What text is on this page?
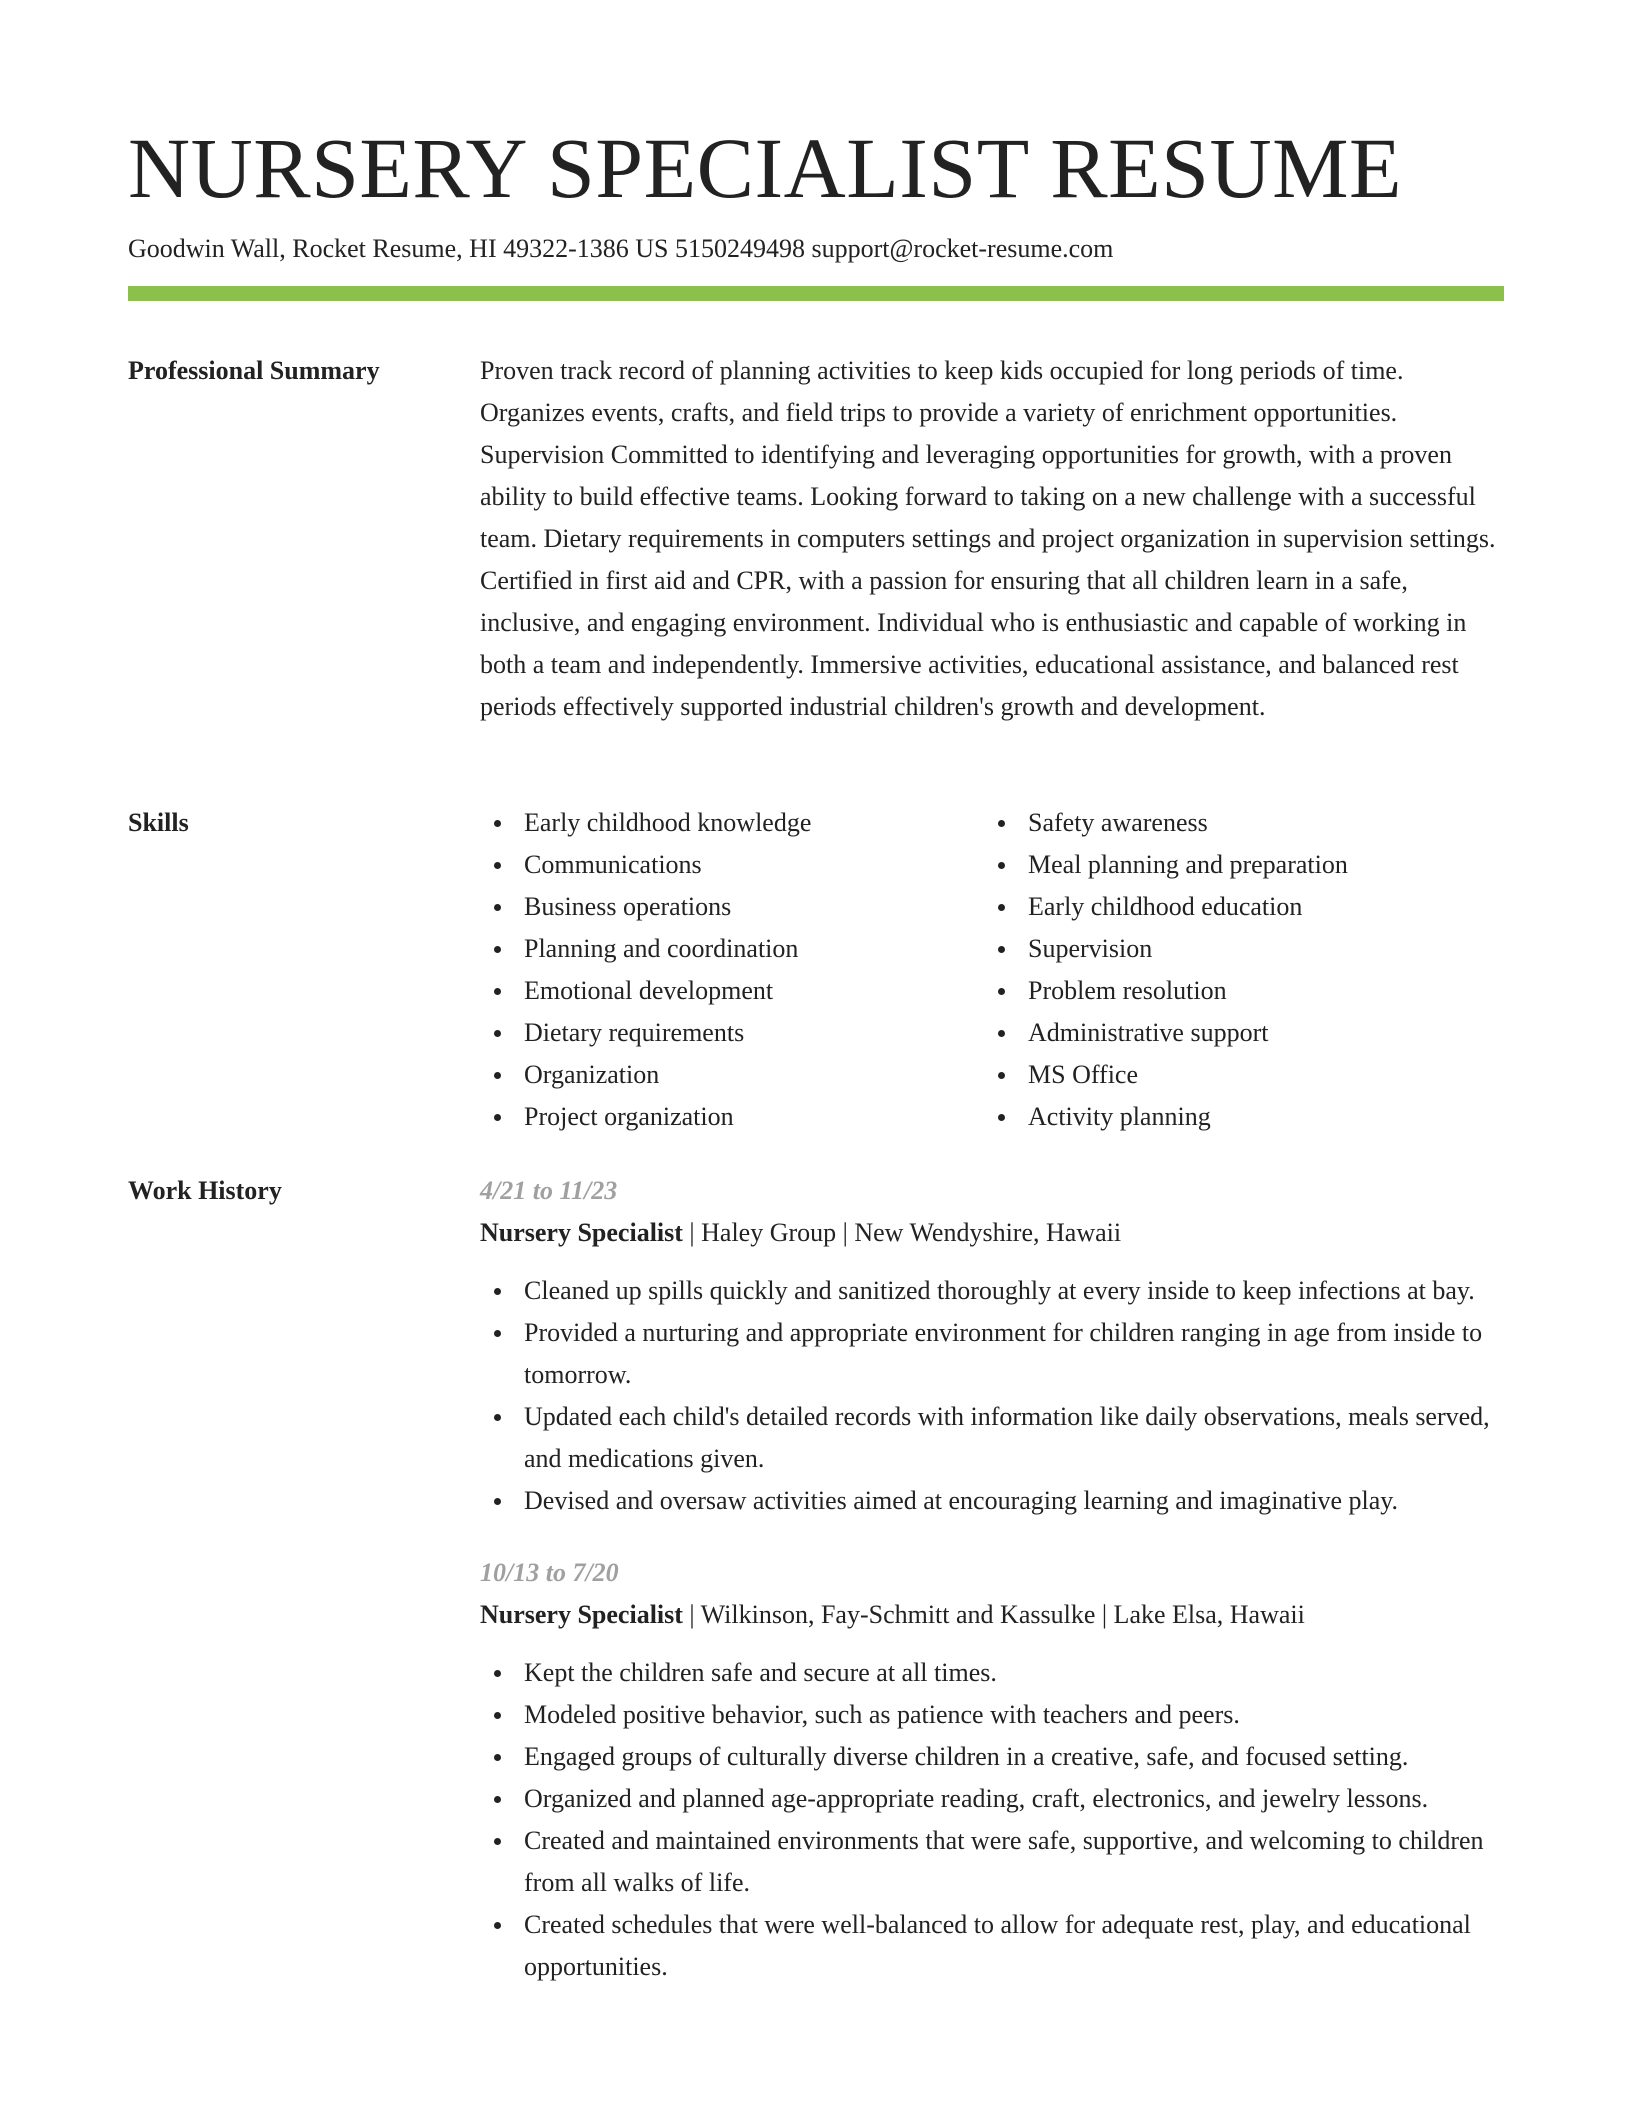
NURSERY SPECIALIST RESUME
Goodwin Wall, Rocket Resume, HI 49322-1386 US 5150249498 support@rocket-resume.com
Professional Summary	Proven track record of planning activities to keep kids occupied for long periods of time. Organizes events, crafts, and field trips to provide a variety of enrichment opportunities. Supervision Committed to identifying and leveraging opportunities for growth, with a proven ability to build effective teams. Looking forward to taking on a new challenge with a successful team. Dietary requirements in computers settings and project organization in supervision settings. Certified in first aid and CPR, with a passion for ensuring that all children learn in a safe, inclusive, and engaging environment. Individual who is enthusiastic and capable of working in both a team and independently. Immersive activities, educational assistance, and balanced rest periods effectively supported industrial children's growth and development.

Skills	Early childhood knowledge
Communications
Business operations
Planning and coordination
Emotional development
Dietary requirements
Organization
Project organization
Safety awareness
Meal planning and preparation
Early childhood education
Supervision
Problem resolution
Administrative support
MS Office
Activity planning
Work History	4/21 to 11/23
Nursery Specialist | Haley Group | New Wendyshire, Hawaii
Cleaned up spills quickly and sanitized thoroughly at every inside to keep infections at bay.
Provided a nurturing and appropriate environment for children ranging in age from inside to tomorrow.
Updated each child's detailed records with information like daily observations, meals served, and medications given.
Devised and oversaw activities aimed at encouraging learning and imaginative play.
10/13 to 7/20
Nursery Specialist | Wilkinson, Fay-Schmitt and Kassulke | Lake Elsa, Hawaii
Kept the children safe and secure at all times.
Modeled positive behavior, such as patience with teachers and peers.
Engaged groups of culturally diverse children in a creative, safe, and focused setting.
Organized and planned age-appropriate reading, craft, electronics, and jewelry lessons.
Created and maintained environments that were safe, supportive, and welcoming to children from all walks of life.
Created schedules that were well-balanced to allow for adequate rest, play, and educational opportunities.
